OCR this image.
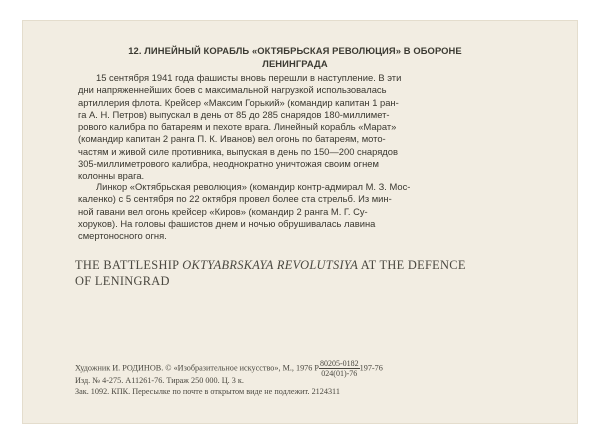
12. ЛИНЕЙНЫЙ КОРАБЛЬ «ОКТЯБРЬСКАЯ РЕВОЛЮЦИЯ» В ОБОРОНЕ
ЛЕНИНГРАДА
15 сентября 1941 года фашисты вновь перешли в наступление. В эти
дни напряженнейших боев с максимальной нагрузкой использовалась
артиллерия флота. Крейсер «Максим Горький» (командир капитан 1 ран-
га А. Н. Петров) выпускал в день от 85 до 285 снарядов 180-миллимет-
рового калибра по батареям и пехоте врага. Линейный корабль «Марат»
(командир капитан 2 ранга П. К. Иванов) вел огонь по батареям, мото-
частям и живой силе противника, выпуская в день по 150—200 снарядов
305-миллиметрового калибра, неоднократно уничтожая своим огнем
колонны врага.
Линкор «Октябрьская революция» (командир контр-адмирал М. З. Мос-
каленко) с 5 сентября по 22 октября провел более ста стрельб. Из мин-
ной гавани вел огонь крейсер «Киров» (командир 2 ранга М. Г. Су-
хоруков). На головы фашистов днем и ночью обрушивалась лавина
смертоносного огня.
THE BATTLESHIP OKTYABRSKAYA REVOLUTSIYA AT THE DEFENCE
OF LENINGRAD
Художник И. РОДИНОВ. © «Изобразительное искусство», М., 1976 Р $\frac{80205-0182}{024(01)-76} 197-76$
Изд. № 4-275. А11261-76. Тираж 250 000. Ц. 3 к.
Зак. 1092. КПК. Пересылке по почте в открытом виде не подлежит. 2124311
